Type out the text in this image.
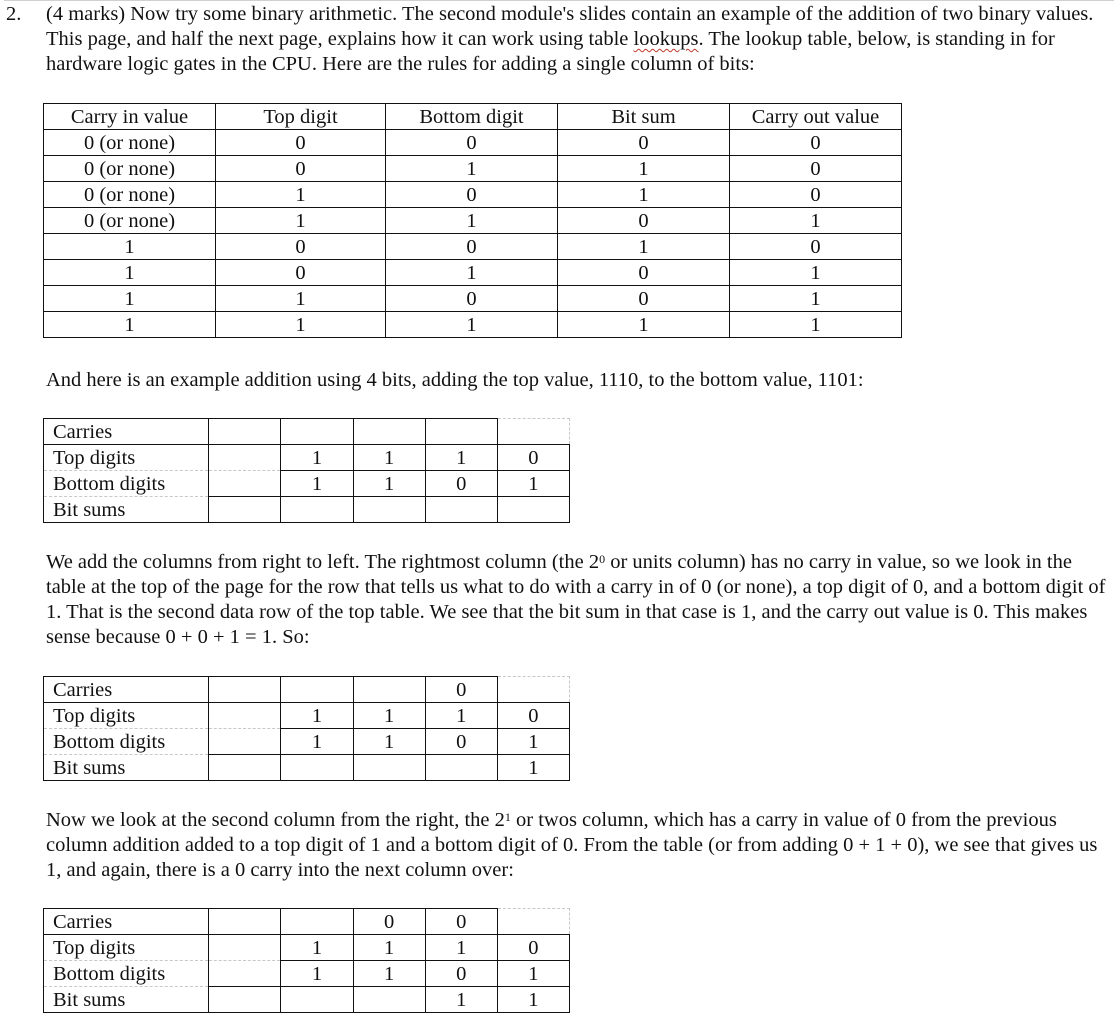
2. (4 marks) Now try some binary arithmetic. The second module's slides contain an example of the addition of two binary values. This page, and half the next page, explains how it can work using table lookups. The lookup table, below, is standing in for hardware logic gates in the CPU. Here are the rules for adding a single column of bits:
Carry in value	Top digit	Bottom digit	Bit sum	Carry out value
0 (or none)	0	0	0	0
0 (or none)	0	1	1	0
0 (or none)	1	0	1	0
0 (or none)	1	1	0	1
1	0	0	1	0
1	0	1	0	1
1	1	0	0	1
1	1	1	1	1
And here is an example addition using 4 bits, adding the top value, 1110, to the bottom value, 1101:
Carries					
Top digits		1	1	1	0
Bottom digits		1	1	0	1
Bit sums					
We add the columns from right to left. The rightmost column (the $2^0$ or units column) has no carry in value, so we look in the table at the top of the page for the row that tells us what to do with a carry in of 0 (or none), a top digit of 0, and a bottom digit of 1. That is the second data row of the top table. We see that the bit sum in that case is 1, and the carry out value is 0. This makes sense because 0 + 0 + 1 = 1. So:
Carries				0	
Top digits		1	1	1	0
Bottom digits		1	1	0	1
Bit sums					1
Now we look at the second column from the right, the $2^1$ or twos column, which has a carry in value of 0 from the previous column addition added to a top digit of 1 and a bottom digit of 0. From the table (or from adding 0 + 1 + 0), we see that gives us 1, and again, there is a 0 carry into the next column over:
Carries			0	0	
Top digits		1	1	1	0
Bottom digits		1	1	0	1
Bit sums				1	1
